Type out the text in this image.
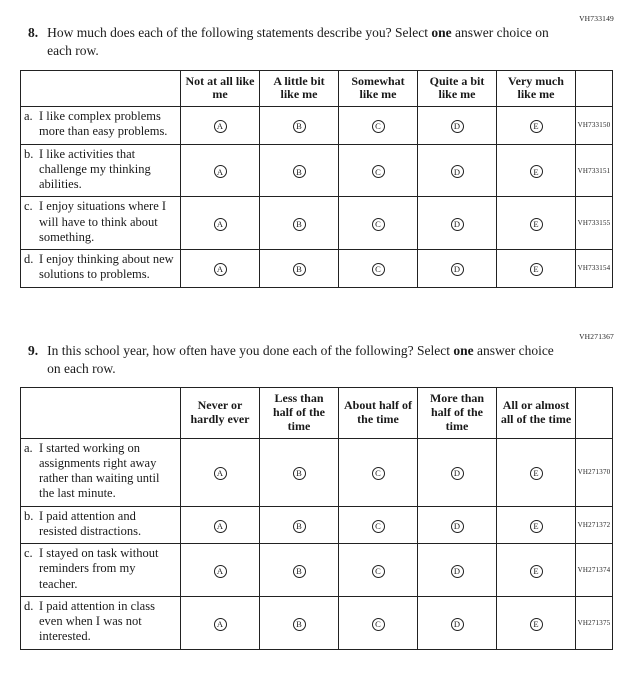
VH733149
8. How much does each of the following statements describe you? Select one answer choice on each row.
	Not at all like me	A little bit like me	Somewhat like me	Quite a bit like me	Very much like me	

a. I like complex problems more than easy problems.	A	B	C	D	E	VH733150

b. I like activities that challenge my thinking abilities.	A	B	C	D	E	VH733151

c. I enjoy situations where I will have to think about something.	A	B	C	D	E	VH733155

d. I enjoy thinking about new solutions to problems.	A	B	C	D	E	VH733154
VH271367
9. In this school year, how often have you done each of the following? Select one answer choice on each row.
	Never or hardly ever	Less than half of the time	About half of the time	More than half of the time	All or almost all of the time	

a. I started working on assignments right away rather than waiting until the last minute.	A	B	C	D	E	VH271370

b. I paid attention and resisted distractions.	A	B	C	D	E	VH271372

c. I stayed on task without reminders from my teacher.	A	B	C	D	E	VH271374

d. I paid attention in class even when I was not interested.	A	B	C	D	E	VH271375
